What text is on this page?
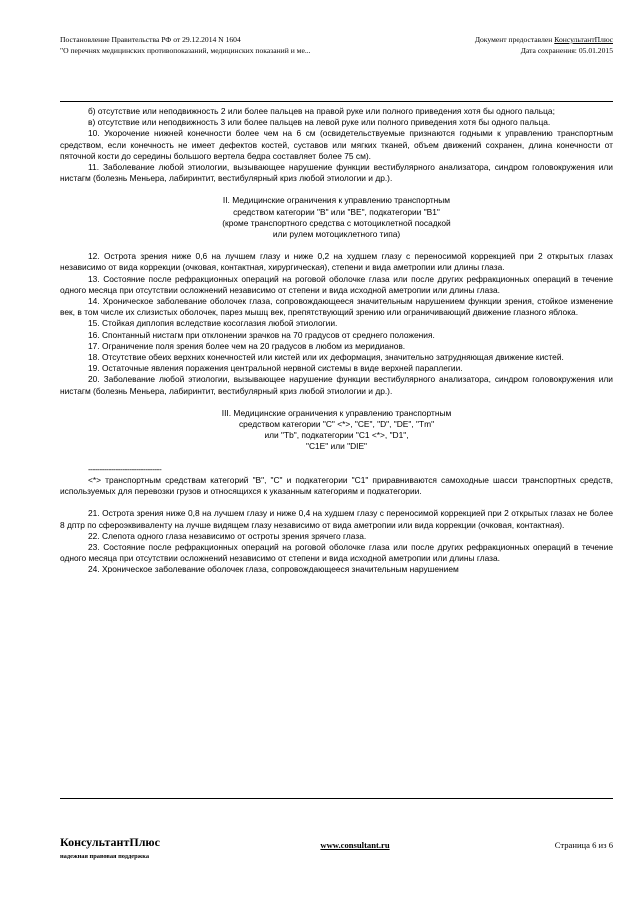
Постановление Правительства РФ от 29.12.2014 N 1604
"О перечнях медицинских противопоказаний, медицинских показаний и ме...
Документ предоставлен КонсультантПлюс
Дата сохранения: 05.01.2015

б) отсутствие или неподвижность 2 или более пальцев на правой руке или полного приведения хотя бы одного пальца;

в) отсутствие или неподвижность 3 или более пальцев на левой руке или полного приведения хотя бы одного пальца.

10. Укорочение нижней конечности более чем на 6 см (освидетельствуемые признаются годными к управлению транспортным средством, если конечность не имеет дефектов костей, суставов или мягких тканей, объем движений сохранен, длина конечности от пяточной кости до середины большого вертела бедра составляет более 75 см).

11. Заболевание любой этиологии, вызывающее нарушение функции вестибулярного анализатора, синдром головокружения или нистагм (болезнь Меньера, лабиринтит, вестибулярный криз любой этиологии и др.).

II. Медицинские ограничения к управлению транспортным

средством категории "B" или "BE", подкатегории "B1"

(кроме транспортного средства с мотоциклетной посадкой

или рулем мотоциклетного типа)

12. Острота зрения ниже 0,6 на лучшем глазу и ниже 0,2 на худшем глазу с переносимой коррекцией при 2 открытых глазах независимо от вида коррекции (очковая, контактная, хирургическая), степени и вида аметропии или длины глаза.

13. Состояние после рефракционных операций на роговой оболочке глаза или после других рефракционных операций в течение одного месяца при отсутствии осложнений независимо от степени и вида исходной аметропии или длины глаза.

14. Хроническое заболевание оболочек глаза, сопровождающееся значительным нарушением функции зрения, стойкое изменение век, в том числе их слизистых оболочек, парез мышц век, препятствующий зрению или ограничивающий движение глазного яблока.

15. Стойкая диплопия вследствие косоглазия любой этиологии.

16. Спонтанный нистагм при отклонении зрачков на 70 градусов от среднего положения.

17. Ограничение поля зрения более чем на 20 градусов в любом из меридианов.

18. Отсутствие обеих верхних конечностей или кистей или их деформация, значительно затрудняющая движение кистей.

19. Остаточные явления поражения центральной нервной системы в виде верхней параплегии.

20. Заболевание любой этиологии, вызывающее нарушение функции вестибулярного анализатора, синдром головокружения или нистагм (болезнь Меньера, лабиринтит, вестибулярный криз любой этиологии и др.).

III. Медицинские ограничения к управлению транспортным

средством категории "C" <*>, "CE", "D", "DE", "Tm"

или "Tb", подкатегории "C1 <*>, "D1",

"C1E" или "DIE"

--------------------------------

<*> транспортным средствам категорий "B", "C" и подкатегории "C1" приравниваются самоходные шасси транспортных средств, используемых для перевозки грузов и относящихся к указанным категориям и подкатегории.

21. Острота зрения ниже 0,8 на лучшем глазу и ниже 0,4 на худшем глазу с переносимой коррекцией при 2 открытых глазах не более 8 дптр по сфероэквиваленту на лучше видящем глазу независимо от вида аметропии или вида коррекции (очковая, контактная).

22. Слепота одного глаза независимо от остроты зрения зрячего глаза.

23. Состояние после рефракционных операций на роговой оболочке глаза или после других рефракционных операций в течение одного месяца при отсутствии осложнений независимо от степени и вида исходной аметропии или длины глаза.

24. Хроническое заболевание оболочек глаза, сопровождающееся значительным нарушением

КонсультантПлюс
надежная правовая поддержка
www.consultant.ru	Страница 6 из 6
